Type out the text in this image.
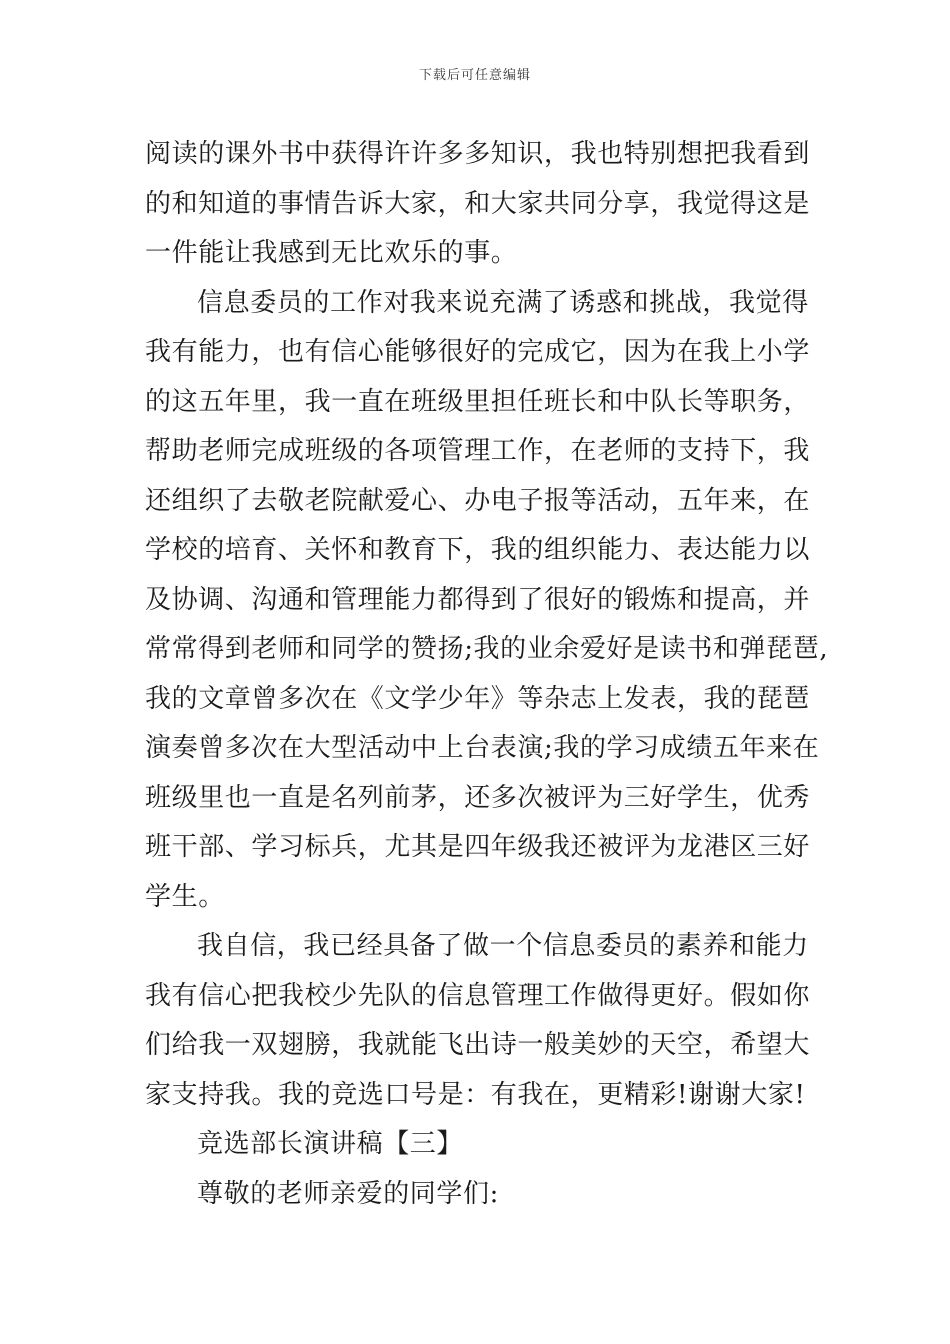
下载后可任意编辑
阅读的课外书中获得许许多多知识，我也特别想把我看到
的和知道的事情告诉大家，和大家共同分享，我觉得这是
一件能让我感到无比欢乐的事。
信息委员的工作对我来说充满了诱惑和挑战，我觉得
我有能力，也有信心能够很好的完成它，因为在我上小学
的这五年里，我一直在班级里担任班长和中队长等职务，
帮助老师完成班级的各项管理工作，在老师的支持下，我
还组织了去敬老院献爱心、办电子报等活动，五年来，在
学校的培育、关怀和教育下，我的组织能力、表达能力以
及协调、沟通和管理能力都得到了很好的锻炼和提高，并
常常得到老师和同学的赞扬;我的业余爱好是读书和弹琵琶,
我的文章曾多次在《文学少年》等杂志上发表，我的琵琶
演奏曾多次在大型活动中上台表演;我的学习成绩五年来在
班级里也一直是名列前茅，还多次被评为三好学生，优秀
班干部、学习标兵，尤其是四年级我还被评为龙港区三好
学生。
我自信，我已经具备了做一个信息委员的素养和能力
我有信心把我校少先队的信息管理工作做得更好。假如你
们给我一双翅膀，我就能飞出诗一般美妙的天空，希望大
家支持我。我的竞选口号是：有我在，更精彩!谢谢大家!
竞选部长演讲稿【三】
尊敬的老师亲爱的同学们:
